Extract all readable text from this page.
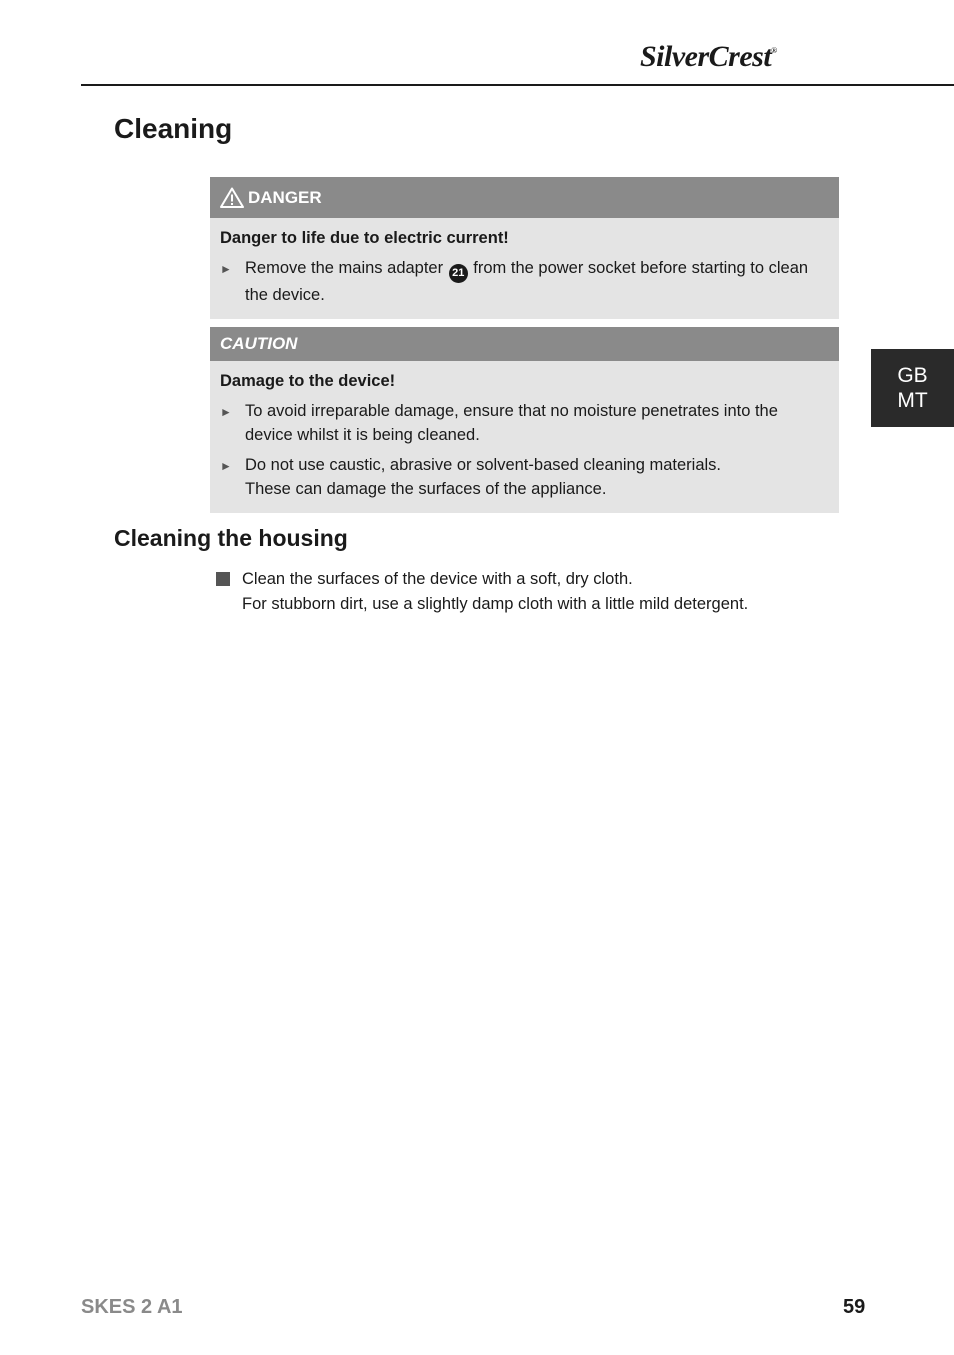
SilverCrest®
Cleaning
DANGER
Danger to life due to electric current!
► Remove the mains adapter 21 from the power socket before starting to clean the device.
CAUTION
Damage to the device!
► To avoid irreparable damage, ensure that no moisture penetrates into the device whilst it is being cleaned.
► Do not use caustic, abrasive or solvent-based cleaning materials.
These can damage the surfaces of the appliance.
Cleaning the housing
Clean the surfaces of the device with a soft, dry cloth.
For stubborn dirt, use a slightly damp cloth with a little mild detergent.
GB
MT
SKES 2 A1	59
